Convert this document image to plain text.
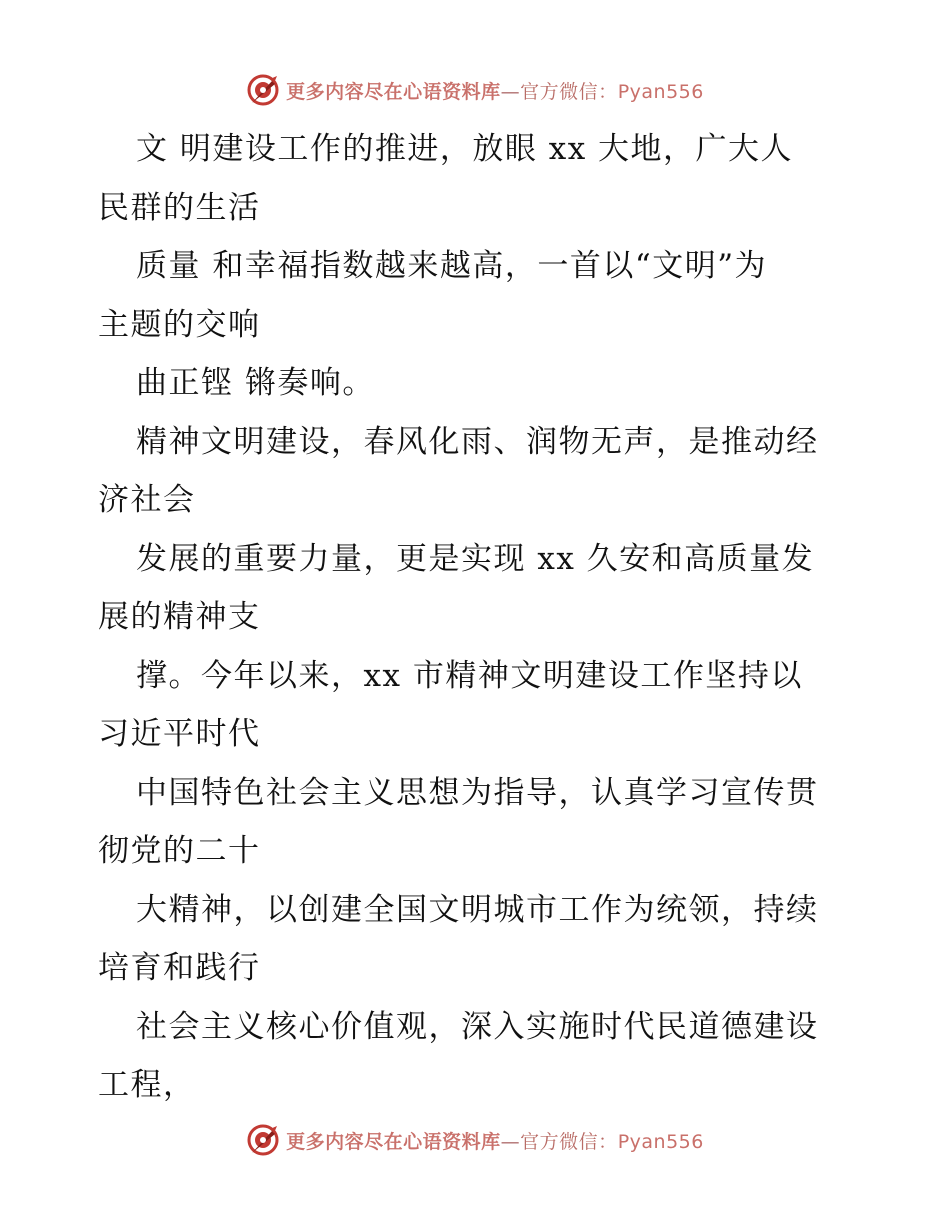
更多内容尽在心语资料库—官方微信：Pyan556
文 明建设工作的推进，放眼 xx 大地，广大人
民群的生活
质量 和幸福指数越来越高，一首以“文明”为
主题的交响
曲正铿 锵奏响。
精神文明建设，春风化雨、润物无声，是推动经
济社会
发展的重要力量，更是实现 xx 久安和高质量发
展的精神支
撑。今年以来，xx 市精神文明建设工作坚持以
习近平时代
中国特色社会主义思想为指导，认真学习宣传贯
彻党的二十
大精神，以创建全国文明城市工作为统领，持续
培育和践行
社会主义核心价值观，深入实施时代民道德建设
工程，
更多内容尽在心语资料库—官方微信：Pyan556
